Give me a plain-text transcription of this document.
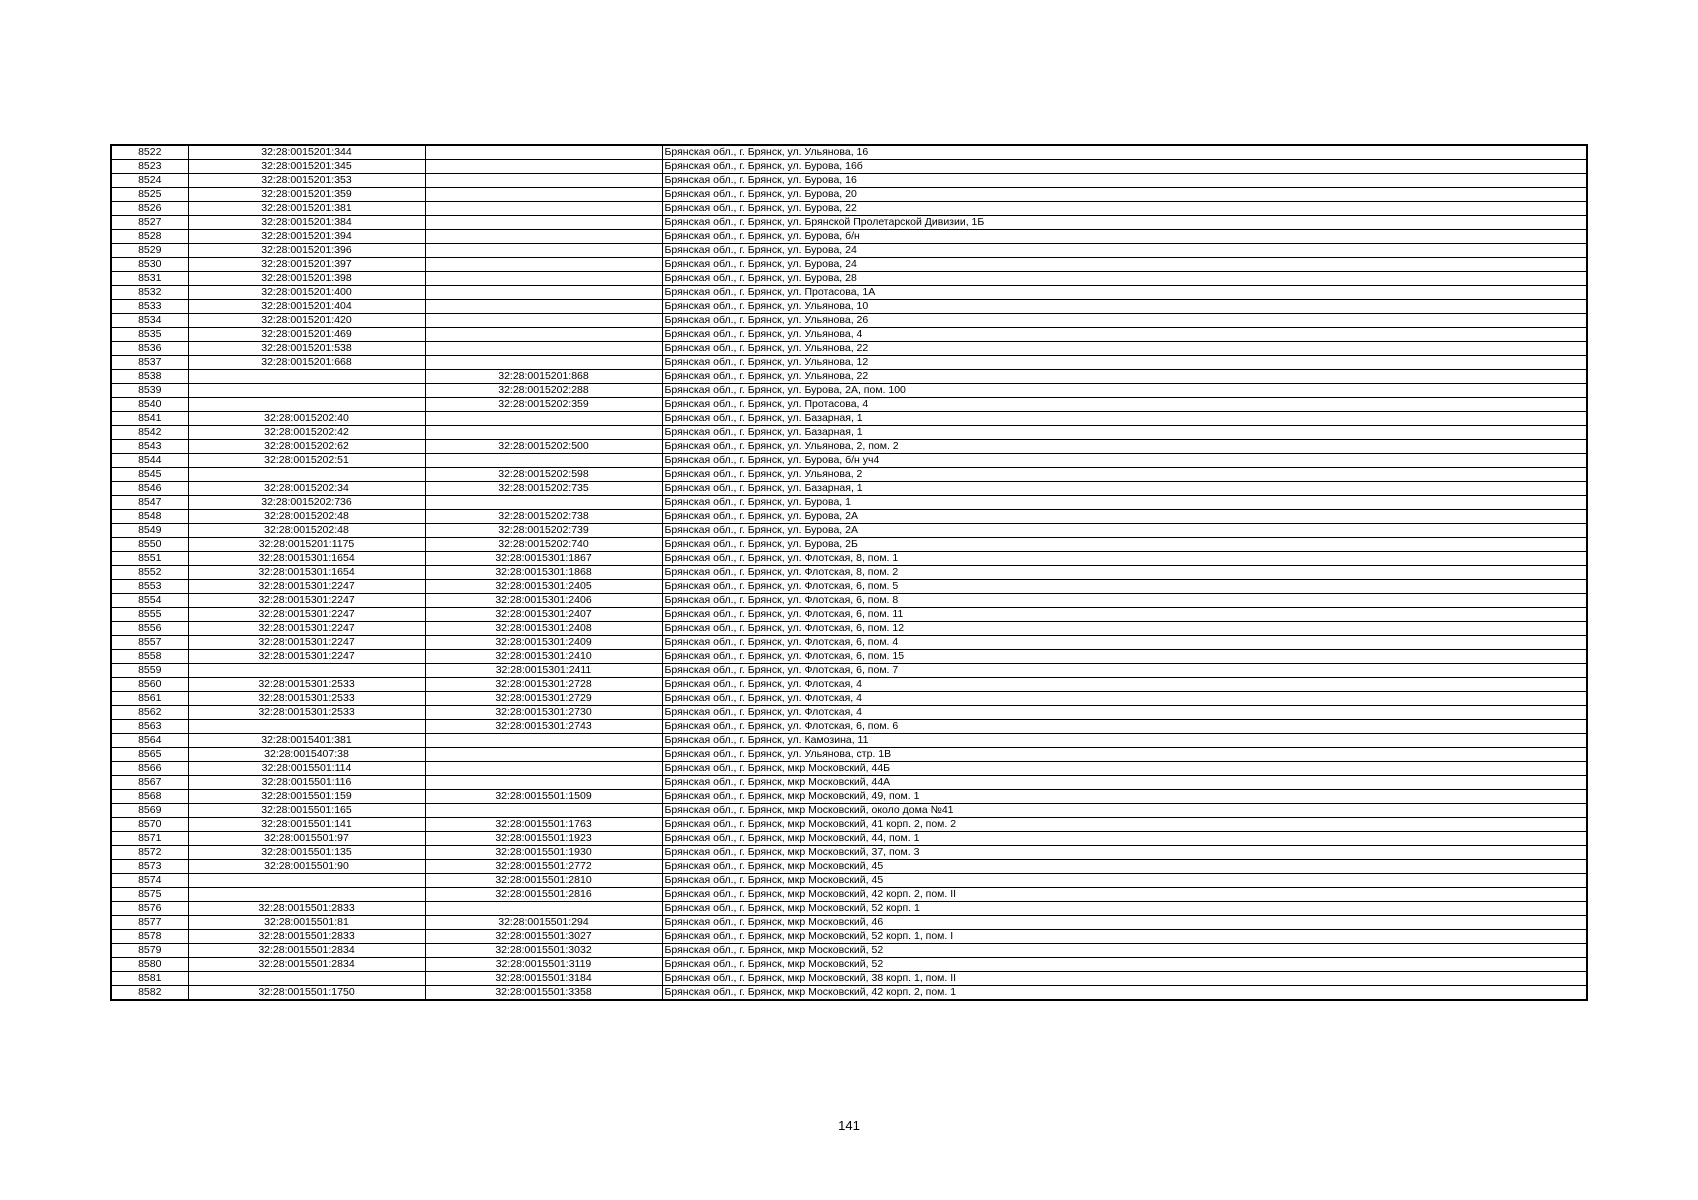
8522	32:28:0015201:344		Брянская обл., г. Брянск, ул. Ульянова, 16
8523	32:28:0015201:345		Брянская обл., г. Брянск, ул. Бурова, 16б
8524	32:28:0015201:353		Брянская обл., г. Брянск, ул. Бурова, 16
8525	32:28:0015201:359		Брянская обл., г. Брянск, ул. Бурова, 20
8526	32:28:0015201:381		Брянская обл., г. Брянск, ул. Бурова, 22
8527	32:28:0015201:384		Брянская обл., г. Брянск, ул. Брянской Пролетарской Дивизии, 1Б
8528	32:28:0015201:394		Брянская обл., г. Брянск, ул. Бурова, б/н
8529	32:28:0015201:396		Брянская обл., г. Брянск, ул. Бурова, 24
8530	32:28:0015201:397		Брянская обл., г. Брянск, ул. Бурова, 24
8531	32:28:0015201:398		Брянская обл., г. Брянск, ул. Бурова, 28
8532	32:28:0015201:400		Брянская обл., г. Брянск, ул. Протасова, 1А
8533	32:28:0015201:404		Брянская обл., г. Брянск, ул. Ульянова, 10
8534	32:28:0015201:420		Брянская обл., г. Брянск, ул. Ульянова, 26
8535	32:28:0015201:469		Брянская обл., г. Брянск, ул. Ульянова, 4
8536	32:28:0015201:538		Брянская обл., г. Брянск, ул. Ульянова, 22
8537	32:28:0015201:668		Брянская обл., г. Брянск, ул. Ульянова, 12
8538		32:28:0015201:868	Брянская обл., г. Брянск, ул. Ульянова, 22
8539		32:28:0015202:288	Брянская обл., г. Брянск, ул. Бурова, 2А, пом. 100
8540		32:28:0015202:359	Брянская обл., г. Брянск, ул. Протасова, 4
8541	32:28:0015202:40		Брянская обл., г. Брянск, ул. Базарная, 1
8542	32:28:0015202:42		Брянская обл., г. Брянск, ул. Базарная, 1
8543	32:28:0015202:62	32:28:0015202:500	Брянская обл., г. Брянск, ул. Ульянова, 2, пом. 2
8544	32:28:0015202:51		Брянская обл., г. Брянск, ул. Бурова, б/н уч4
8545		32:28:0015202:598	Брянская обл., г. Брянск, ул. Ульянова, 2
8546	32:28:0015202:34	32:28:0015202:735	Брянская обл., г. Брянск, ул. Базарная, 1
8547	32:28:0015202:736		Брянская обл., г. Брянск, ул. Бурова, 1
8548	32:28:0015202:48	32:28:0015202:738	Брянская обл., г. Брянск, ул. Бурова, 2А
8549	32:28:0015202:48	32:28:0015202:739	Брянская обл., г. Брянск, ул. Бурова, 2А
8550	32:28:0015201:1175	32:28:0015202:740	Брянская обл., г. Брянск, ул. Бурова, 2Б
8551	32:28:0015301:1654	32:28:0015301:1867	Брянская обл., г. Брянск, ул. Флотская, 8, пом. 1
8552	32:28:0015301:1654	32:28:0015301:1868	Брянская обл., г. Брянск, ул. Флотская, 8, пом. 2
8553	32:28:0015301:2247	32:28:0015301:2405	Брянская обл., г. Брянск, ул. Флотская, 6, пом. 5
8554	32:28:0015301:2247	32:28:0015301:2406	Брянская обл., г. Брянск, ул. Флотская, 6, пом. 8
8555	32:28:0015301:2247	32:28:0015301:2407	Брянская обл., г. Брянск, ул. Флотская, 6, пом. 11
8556	32:28:0015301:2247	32:28:0015301:2408	Брянская обл., г. Брянск, ул. Флотская, 6, пом. 12
8557	32:28:0015301:2247	32:28:0015301:2409	Брянская обл., г. Брянск, ул. Флотская, 6, пом. 4
8558	32:28:0015301:2247	32:28:0015301:2410	Брянская обл., г. Брянск, ул. Флотская, 6, пом. 15
8559		32:28:0015301:2411	Брянская обл., г. Брянск, ул. Флотская, 6, пом. 7
8560	32:28:0015301:2533	32:28:0015301:2728	Брянская обл., г. Брянск, ул. Флотская, 4
8561	32:28:0015301:2533	32:28:0015301:2729	Брянская обл., г. Брянск, ул. Флотская, 4
8562	32:28:0015301:2533	32:28:0015301:2730	Брянская обл., г. Брянск, ул. Флотская, 4
8563		32:28:0015301:2743	Брянская обл., г. Брянск, ул. Флотская, 6, пом. 6
8564	32:28:0015401:381		Брянская обл., г. Брянск, ул. Камозина, 11
8565	32:28:0015407:38		Брянская обл., г. Брянск, ул. Ульянова, стр. 1В
8566	32:28:0015501:114		Брянская обл., г. Брянск, мкр Московский, 44Б
8567	32:28:0015501:116		Брянская обл., г. Брянск, мкр Московский, 44А
8568	32:28:0015501:159	32:28:0015501:1509	Брянская обл., г. Брянск, мкр Московский, 49, пом. 1
8569	32:28:0015501:165		Брянская обл., г. Брянск, мкр Московский, около дома №41
8570	32:28:0015501:141	32:28:0015501:1763	Брянская обл., г. Брянск, мкр Московский, 41 корп. 2, пом. 2
8571	32:28:0015501:97	32:28:0015501:1923	Брянская обл., г. Брянск, мкр Московский, 44, пом. 1
8572	32:28:0015501:135	32:28:0015501:1930	Брянская обл., г. Брянск, мкр Московский, 37, пом. 3
8573	32:28:0015501:90	32:28:0015501:2772	Брянская обл., г. Брянск, мкр Московский, 45
8574		32:28:0015501:2810	Брянская обл., г. Брянск, мкр Московский, 45
8575		32:28:0015501:2816	Брянская обл., г. Брянск, мкр Московский, 42 корп. 2, пом. II
8576	32:28:0015501:2833		Брянская обл., г. Брянск, мкр Московский, 52 корп. 1
8577	32:28:0015501:81	32:28:0015501:294	Брянская обл., г. Брянск, мкр Московский, 46
8578	32:28:0015501:2833	32:28:0015501:3027	Брянская обл., г. Брянск, мкр Московский, 52 корп. 1, пом. I
8579	32:28:0015501:2834	32:28:0015501:3032	Брянская обл., г. Брянск, мкр Московский, 52
8580	32:28:0015501:2834	32:28:0015501:3119	Брянская обл., г. Брянск, мкр Московский, 52
8581		32:28:0015501:3184	Брянская обл., г. Брянск, мкр Московский, 38 корп. 1, пом. II
8582	32:28:0015501:1750	32:28:0015501:3358	Брянская обл., г. Брянск, мкр Московский, 42 корп. 2, пом. 1
141
